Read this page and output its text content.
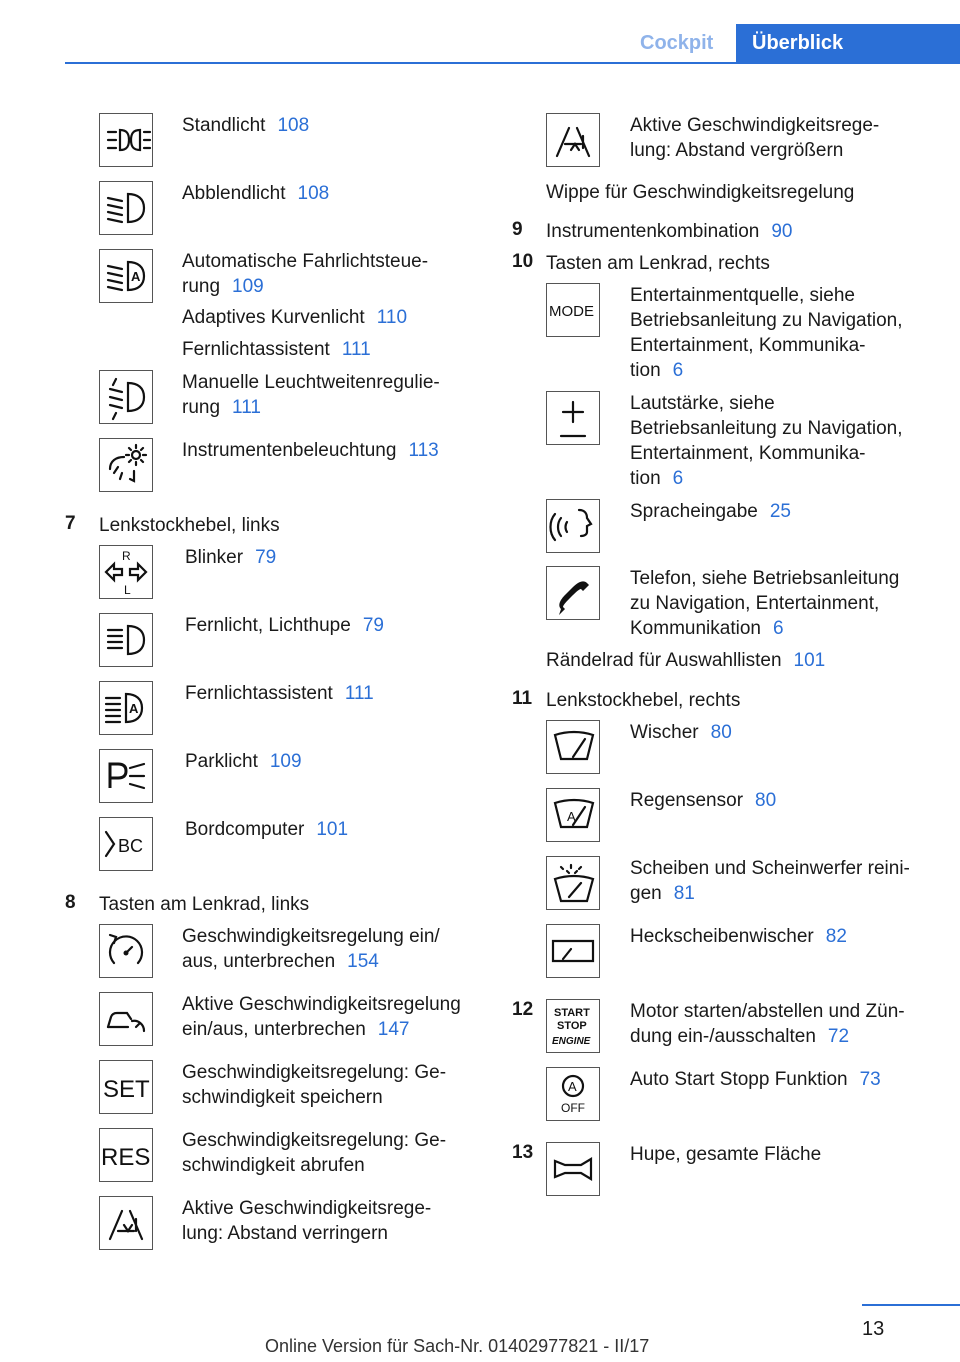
Cockpit	Überblick
Standlicht 108
Abblendlicht 108
A
Automatische Fahrlichtsteue-
rung 109
Manuelle Leuchtweitenregulie-
rung 111
Instrumentenbeleuchtung 113
Adaptives Kurvenlicht 110
Fernlichtassistent 111
7 Lenkstockhebel, links
R
L
Blinker 79
Fernlicht, Lichthupe 79
A
Fernlichtassistent 111
Parklicht 109
BC
Bordcomputer 101
8 Tasten am Lenkrad, links
Geschwindigkeitsregelung ein/
aus, unterbrechen 154
Aktive Geschwindigkeitsregelung
ein/aus, unterbrechen 147
SET
Geschwindigkeitsregelung: Ge-
schwindigkeit speichern
RES
Geschwindigkeitsregelung: Ge-
schwindigkeit abrufen
Aktive Geschwindigkeitsrege-
lung: Abstand verringern
Aktive Geschwindigkeitsrege-
lung: Abstand vergrößern
Wippe für Geschwindigkeitsregelung
9 Instrumentenkombination 90
10 Tasten am Lenkrad, rechts
MODE
Entertainmentquelle, siehe
Betriebsanleitung zu Navigation,
Entertainment, Kommunika-
tion 6
Lautstärke, siehe
Betriebsanleitung zu Navigation,
Entertainment, Kommunika-
tion 6
Spracheingabe 25
Telefon, siehe Betriebsanleitung
zu Navigation, Entertainment,
Kommunikation 6
Rändelrad für Auswahllisten 101
11 Lenkstockhebel, rechts
Wischer 80
A
Regensensor 80
Scheiben und Scheinwerfer reini-
gen 81
Heckscheibenwischer 82
12 START
STOP
ENGINE
Motor starten/abstellen und Zün-
dung ein-/ausschalten 72
A
OFF
Auto Start Stopp Funktion 73
13	Hupe, gesamte Fläche
13
Online Version für Sach-Nr. 01402977821 - II/17
